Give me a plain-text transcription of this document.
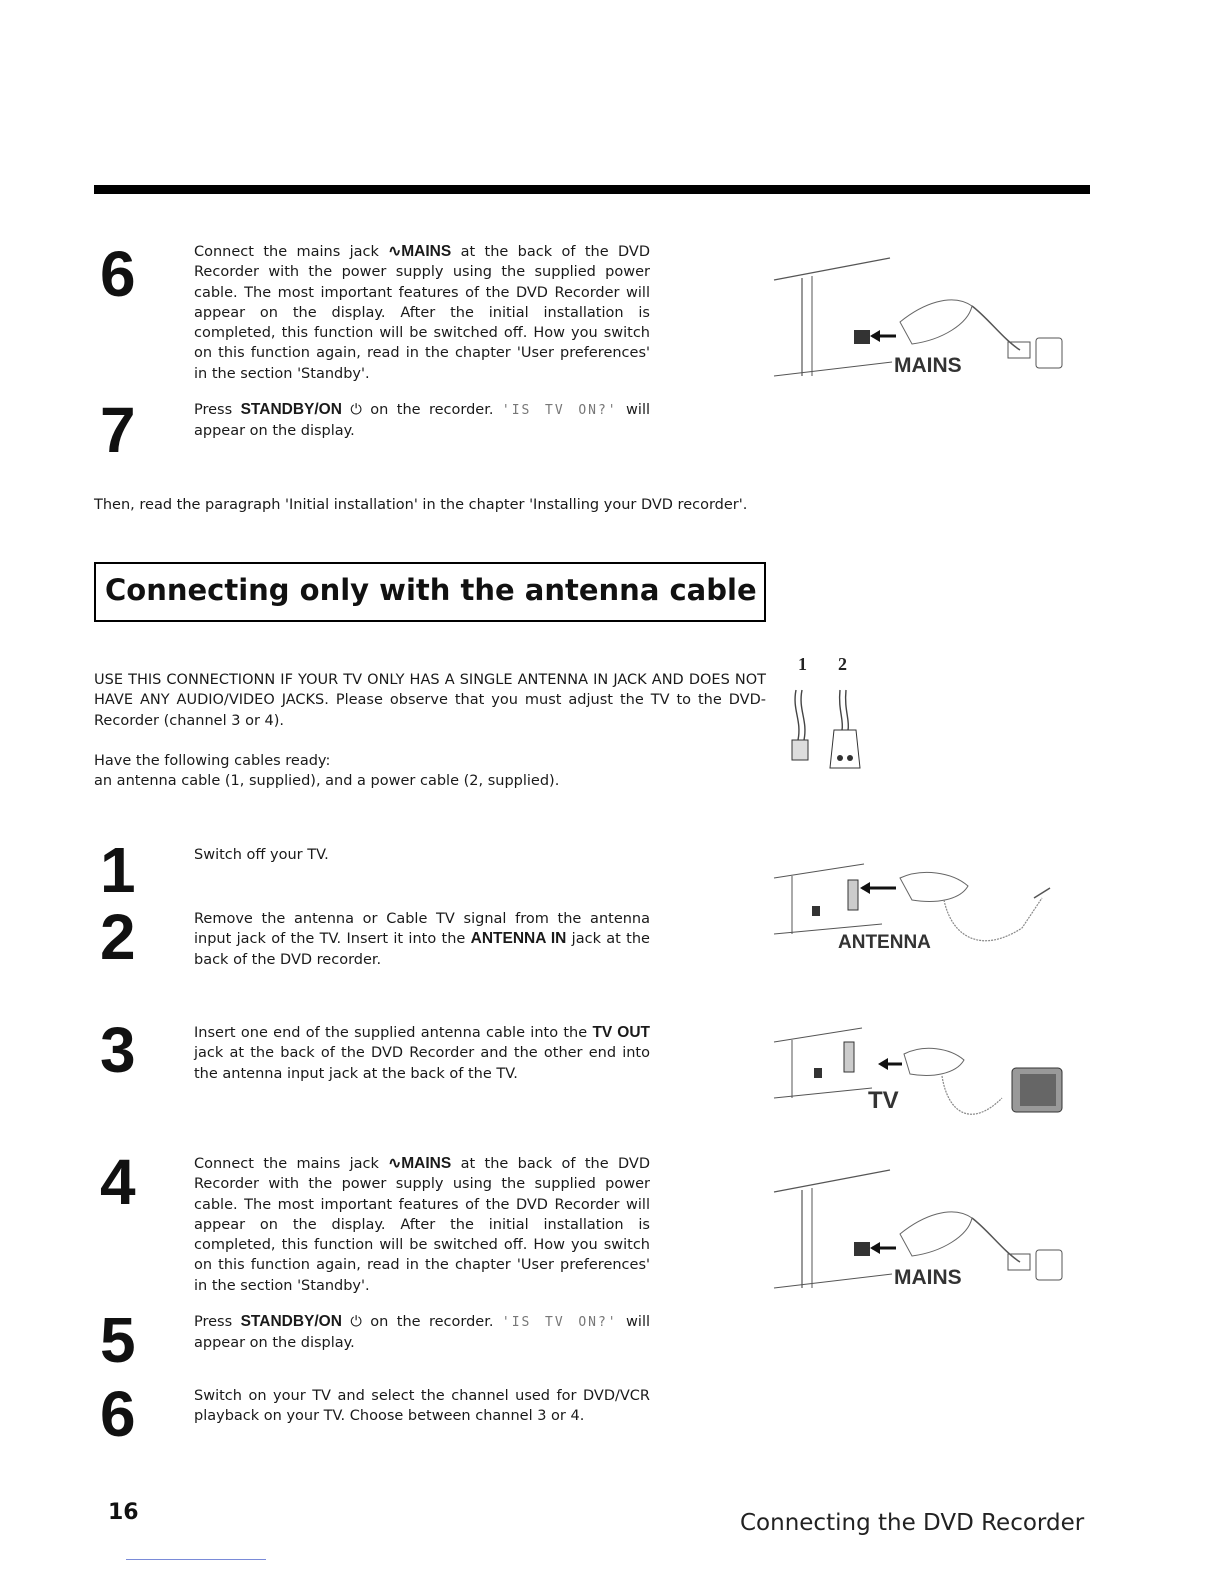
6	Connect the mains jack ∿MAINS at the back of the DVD Recorder with the power supply using the supplied power cable. The most important features of the DVD Recorder will appear on the display. After the initial installation is completed, this function will be switched off. How you switch on this function again, read in the chapter 'User preferences' in the section 'Standby'.
7	Press STANDBY/ON ⏻ on the recorder. 'IS TV ON?' will appear on the display.
MAINS
Then, read the paragraph 'Initial installation' in the chapter 'Installing your DVD recorder'.
Connecting only with the antenna cable
USE THIS CONNECTIONN IF YOUR TV ONLY HAS A SINGLE ANTENNA IN JACK AND DOES NOT HAVE ANY AUDIO/VIDEO JACKS. Please observe that you must adjust the TV to the DVD-Recorder (channel 3 or 4).
Have the following cables ready:
an antenna cable (1, supplied), and a power cable (2, supplied).
1 2
1	Switch off your TV.
2	Remove the antenna or Cable TV signal from the antenna input jack of the TV. Insert it into the ANTENNA IN jack at the back of the DVD recorder.
ANTENNA
3	Insert one end of the supplied antenna cable into the TV OUT jack at the back of the DVD Recorder and the other end into the antenna input jack at the back of the TV.
TV
4	Connect the mains jack ∿MAINS at the back of the DVD Recorder with the power supply using the supplied power cable. The most important features of the DVD Recorder will appear on the display. After the initial installation is completed, this function will be switched off. How you switch on this function again, read in the chapter 'User preferences' in the section 'Standby'.	MAINS
5	Press STANDBY/ON ⏻ on the recorder. 'IS TV ON?' will appear on the display.
6	Switch on your TV and select the channel used for DVD/VCR playback on your TV. Choose between channel 3 or 4.
16	Connecting the DVD Recorder
